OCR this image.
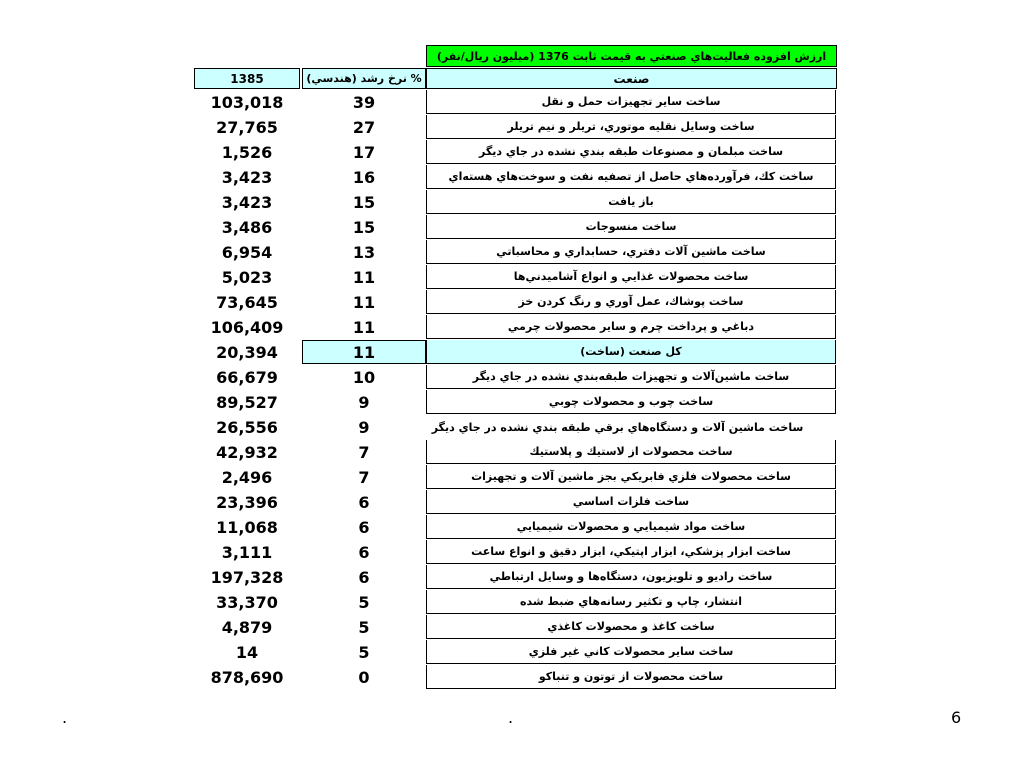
ارزش افزوده فعاليت‌هاي صنعتي به قيمت ثابت 1376 (ميليون ريال/نفر)
1385	% نرخ رشد (هندسي)	صنعت
103,018	39	ساخت ساير تجهيزات حمل و نقل
27,765	27	ساخت وسايل نقليه موتوري، تريلر و نيم تريلر
1,526	17	ساخت مبلمان و مصنوعات طبقه بندي نشده در جاي ديگر
3,423	16	ساخت كك، فرآورده‌هاي حاصل از تصفيه نفت و سوخت‌هاي هسته‌اي
3,423	15	باز يافت
3,486	15	ساخت منسوجات
6,954	13	ساخت ماشين آلات دفتري، حسابداري و محاسباتي
5,023	11	ساخت محصولات غذايي و انواع آشاميدني‌ها
73,645	11	ساخت پوشاك، عمل آوري و رنگ كردن خز
106,409	11	دباغي و پرداخت چرم و ساير محصولات چرمي
20,394	11	كل صنعت (ساخت)
66,679	10	ساخت ماشين‌آلات و تجهيزات طبقه‌بندي نشده در جاي ديگر
89,527	9	ساخت چوب و محصولات چوبي
26,556	9	ساخت ماشين آلات و دستگاه‌هاي برقي طبقه بندي نشده در جاي ديگر
42,932	7	ساخت محصولات از لاستيك و پلاستيك
2,496	7	ساخت محصولات فلزي فابريكي بجز ماشين آلات و تجهيزات
23,396	6	ساخت فلزات اساسي
11,068	6	ساخت مواد شيميايي و محصولات شيميايي
3,111	6	ساخت ابزار پزشكي، ابزار اپتيكي، ابزار دقيق و انواع ساعت
197,328	6	ساخت راديو و تلويزيون، دستگاه‌ها و وسايل ارتباطي
33,370	5	انتشار، چاپ و تكثير رسانه‌هاي ضبط شده
4,879	5	ساخت كاغذ و محصولات كاغذي
14	5	ساخت ساير محصولات كاني غير فلزي
878,690	0	ساخت محصولات از توتون و تنباكو
.	.	6
